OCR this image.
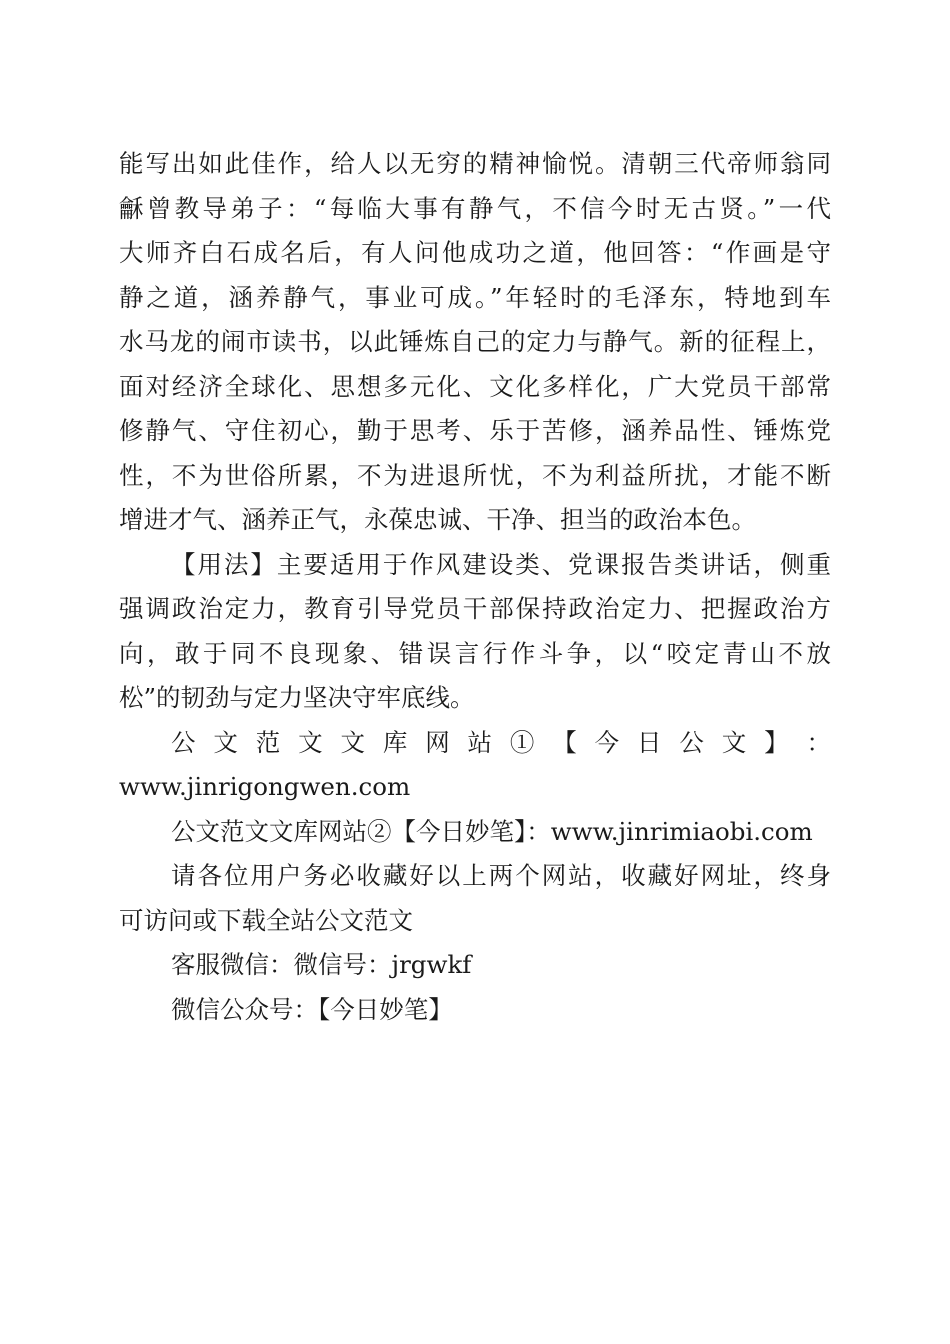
能写出如此佳作，给人以无穷的精神愉悦。清朝三代帝师翁同
龢曾教导弟子：“每临大事有静气，不信今时无古贤。”一代
大师齐白石成名后，有人问他成功之道，他回答：“作画是守
静之道，涵养静气，事业可成。”年轻时的毛泽东，特地到车
水马龙的闹市读书，以此锤炼自己的定力与静气。新的征程上，
面对经济全球化、思想多元化、文化多样化，广大党员干部常
修静气、守住初心，勤于思考、乐于苦修，涵养品性、锤炼党
性，不为世俗所累，不为进退所忧，不为利益所扰，才能不断
增进才气、涵养正气，永葆忠诚、干净、担当的政治本色。
【用法】主要适用于作风建设类、党课报告类讲话，侧重
强调政治定力，教育引导党员干部保持政治定力、把握政治方
向，敢于同不良现象、错误言行作斗争，以“咬定青山不放
松”的韧劲与定力坚决守牢底线。
公 文 范 文 文 库 网 站 ① 【 今 日 公 文 】 ：
www.jinrigongwen.com
公文范文文库网站②【今日妙笔】：www.jinrimiaobi.com
请各位用户务必收藏好以上两个网站，收藏好网址，终身
可访问或下载全站公文范文
客服微信：微信号：jrgwkf
微信公众号：【今日妙笔】
